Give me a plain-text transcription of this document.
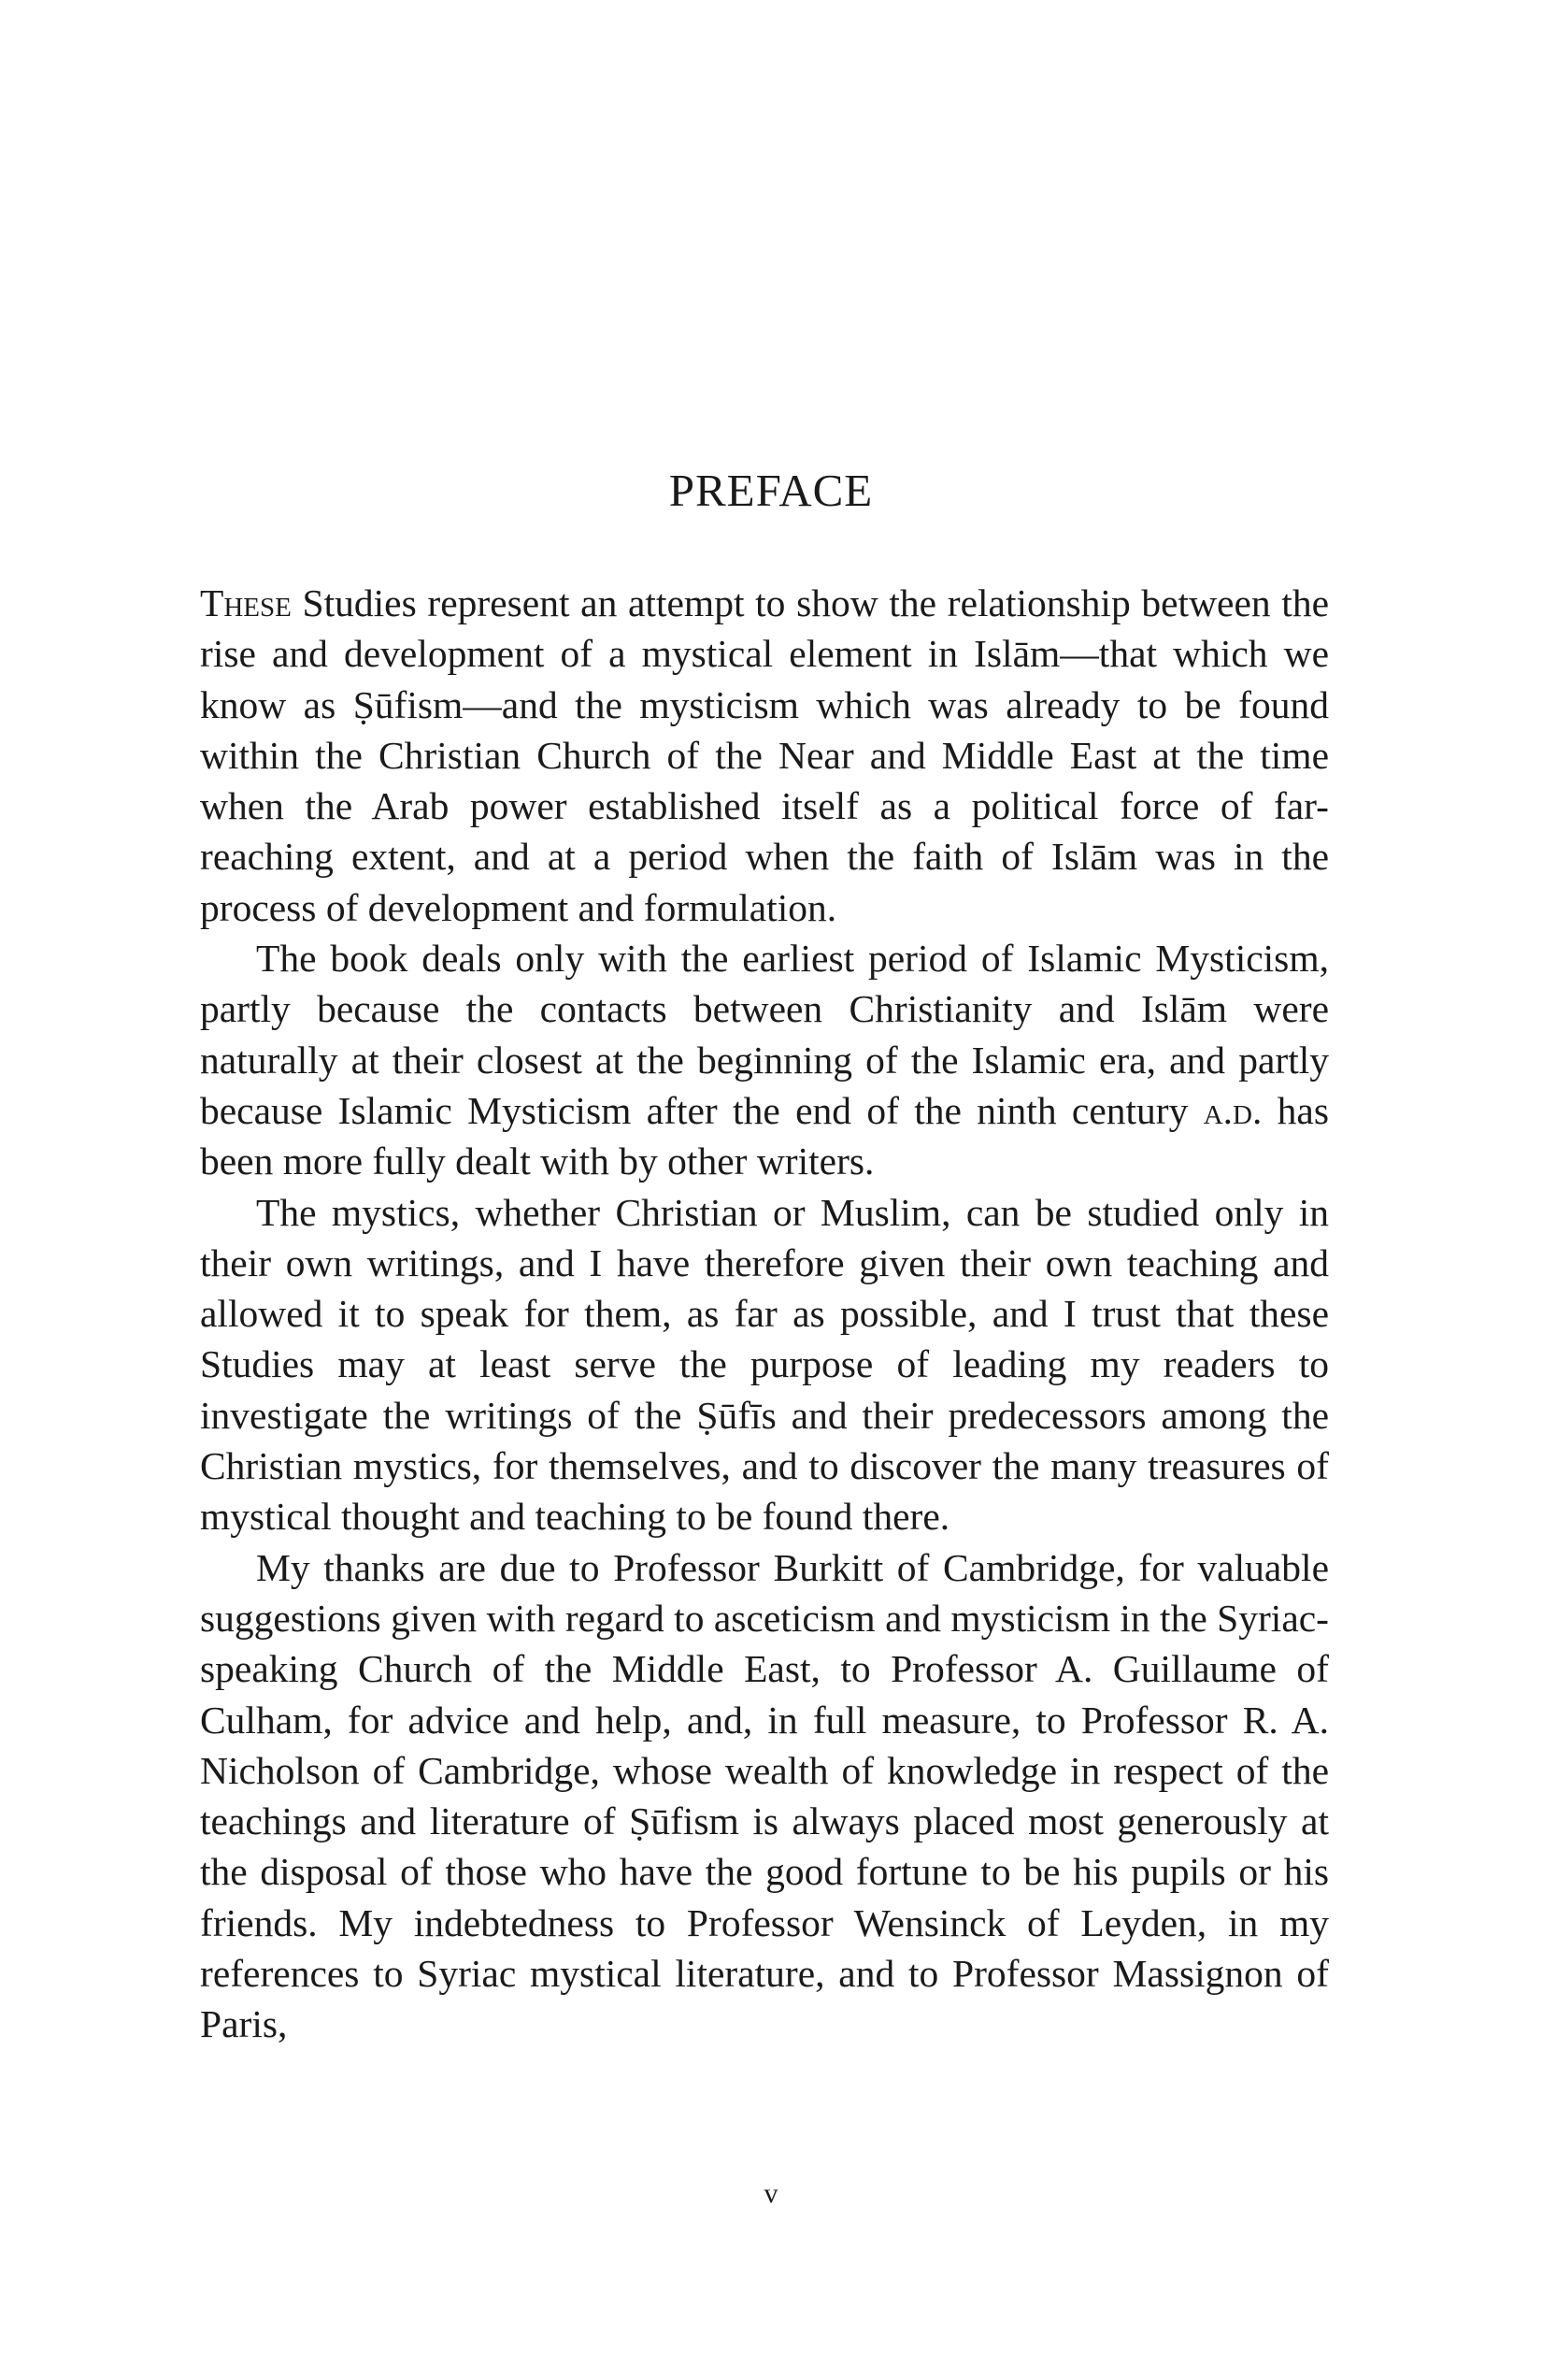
PREFACE

These Studies represent an attempt to show the relationship between the rise and development of a mystical element in Islām—that which we know as Ṣūfism—and the mysticism which was already to be found within the Christian Church of the Near and Middle East at the time when the Arab power established itself as a political force of far-reaching extent, and at a period when the faith of Islām was in the process of development and formulation.

The book deals only with the earliest period of Islamic Mysticism, partly because the contacts between Christianity and Islām were naturally at their closest at the beginning of the Islamic era, and partly because Islamic Mysticism after the end of the ninth century a.d. has been more fully dealt with by other writers.

The mystics, whether Christian or Muslim, can be studied only in their own writings, and I have therefore given their own teaching and allowed it to speak for them, as far as possible, and I trust that these Studies may at least serve the purpose of leading my readers to investigate the writings of the Ṣūfīs and their predecessors among the Christian mystics, for themselves, and to discover the many treasures of mystical thought and teaching to be found there.

My thanks are due to Professor Burkitt of Cambridge, for valuable suggestions given with regard to asceticism and mysticism in the Syriac-speaking Church of the Middle East, to Professor A. Guillaume of Culham, for advice and help, and, in full measure, to Professor R. A. Nicholson of Cambridge, whose wealth of knowledge in respect of the teachings and literature of Ṣūfism is always placed most generously at the disposal of those who have the good fortune to be his pupils or his friends. My indebtedness to Professor Wensinck of Leyden, in my references to Syriac mystical literature, and to Professor Massignon of Paris,

v
